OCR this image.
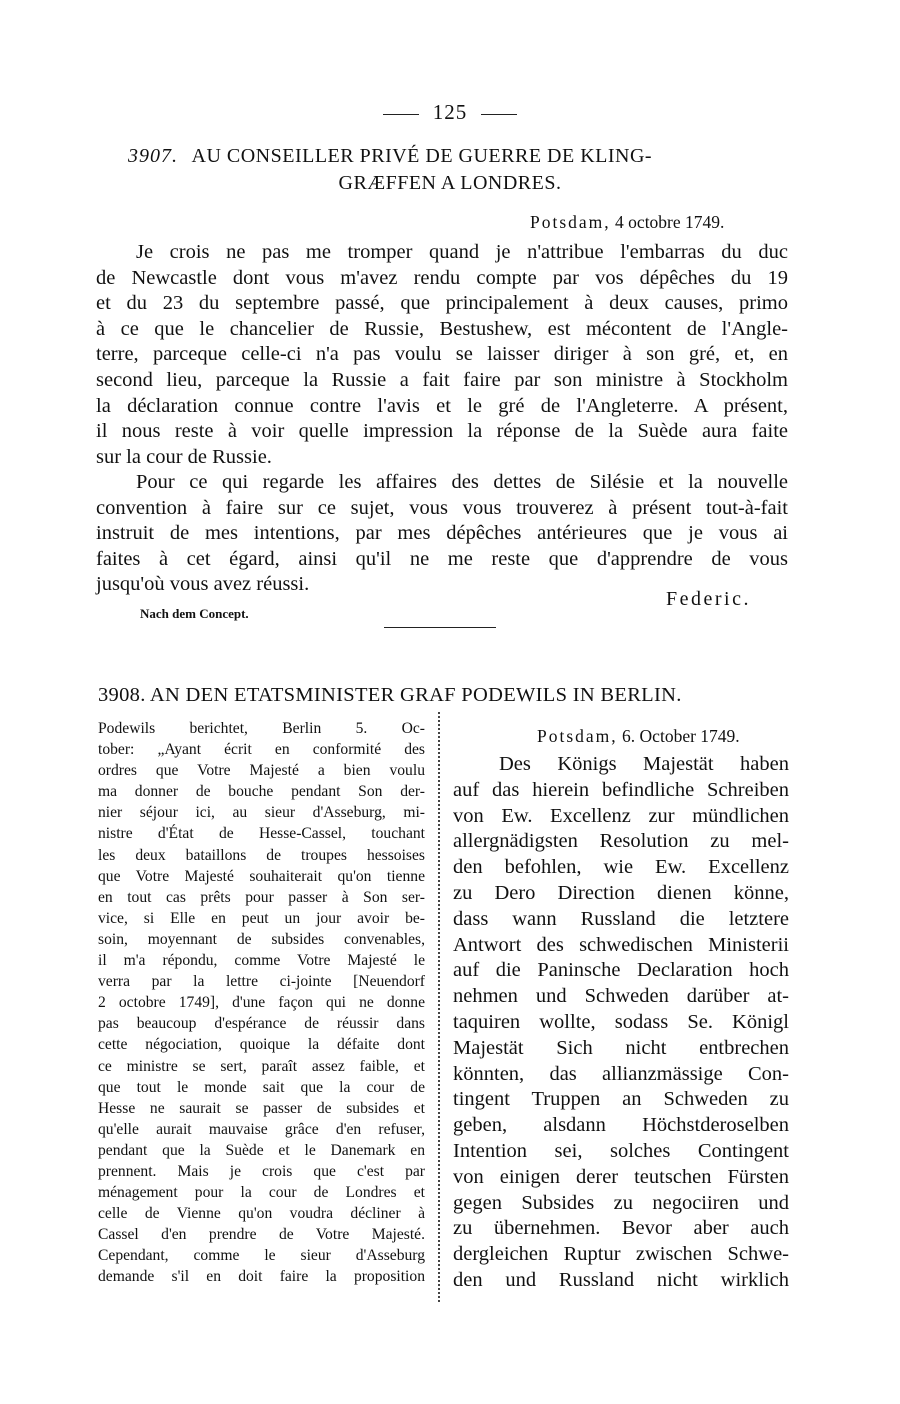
125
3907. AU CONSEILLER PRIVÉ DE GUERRE DE KLING-
GRÆFFEN A LONDRES.
Potsdam, 4 octobre 1749.
Je crois ne pas me tromper quand je n'attribue l'embarras du duc
de Newcastle dont vous m'avez rendu compte par vos dépêches du 19
et du 23 du septembre passé, que principalement à deux causes, primo
à ce que le chancelier de Russie, Bestushew, est mécontent de l'Angle-
terre, parceque celle-ci n'a pas voulu se laisser diriger à son gré, et, en
second lieu, parceque la Russie a fait faire par son ministre à Stockholm
la déclaration connue contre l'avis et le gré de l'Angleterre. A présent,
il nous reste à voir quelle impression la réponse de la Suède aura faite
sur la cour de Russie.
Pour ce qui regarde les affaires des dettes de Silésie et la nouvelle
convention à faire sur ce sujet, vous vous trouverez à présent tout-à-fait
instruit de mes intentions, par mes dépêches antérieures que je vous ai
faites à cet égard, ainsi qu'il ne me reste que d'apprendre de vous
jusqu'où vous avez réussi.
Federic.
Nach dem Concept.
3908. AN DEN ETATSMINISTER GRAF PODEWILS IN BERLIN.
Podewils berichtet, Berlin 5. Oc-
tober: „Ayant écrit en conformité des
ordres que Votre Majesté a bien voulu
ma donner de bouche pendant Son der-
nier séjour ici, au sieur d'Asseburg, mi-
nistre d'État de Hesse-Cassel, touchant
les deux bataillons de troupes hessoises
que Votre Majesté souhaiterait qu'on tienne
en tout cas prêts pour passer à Son ser-
vice, si Elle en peut un jour avoir be-
soin, moyennant de subsides convenables,
il m'a répondu, comme Votre Majesté le
verra par la lettre ci-jointe [Neuendorf
2 octobre 1749], d'une façon qui ne donne
pas beaucoup d'espérance de réussir dans
cette négociation, quoique la défaite dont
ce ministre se sert, paraît assez faible, et
que tout le monde sait que la cour de
Hesse ne saurait se passer de subsides et
qu'elle aurait mauvaise grâce d'en refuser,
pendant que la Suède et le Danemark en
prennent. Mais je crois que c'est par
ménagement pour la cour de Londres et
celle de Vienne qu'on voudra décliner à
Cassel d'en prendre de Votre Majesté.
Cependant, comme le sieur d'Asseburg
demande s'il en doit faire la proposition
Potsdam, 6. October 1749.
Des Königs Majestät haben
auf das hierein befindliche Schreiben
von Ew. Excellenz zur mündlichen
allergnädigsten Resolution zu mel-
den befohlen, wie Ew. Excellenz
zu Dero Direction dienen könne,
dass wann Russland die letztere
Antwort des schwedischen Ministerii
auf die Paninsche Declaration hoch
nehmen und Schweden darüber at-
taquiren wollte, sodass Se. Königl
Majestät Sich nicht entbrechen
könnten, das allianzmässige Con-
tingent Truppen an Schweden zu
geben, alsdann Höchstderoselben
Intention sei, solches Contingent
von einigen derer teutschen Fürsten
gegen Subsides zu negociiren und
zu übernehmen. Bevor aber auch
dergleichen Ruptur zwischen Schwe-
den und Russland nicht wirklich
